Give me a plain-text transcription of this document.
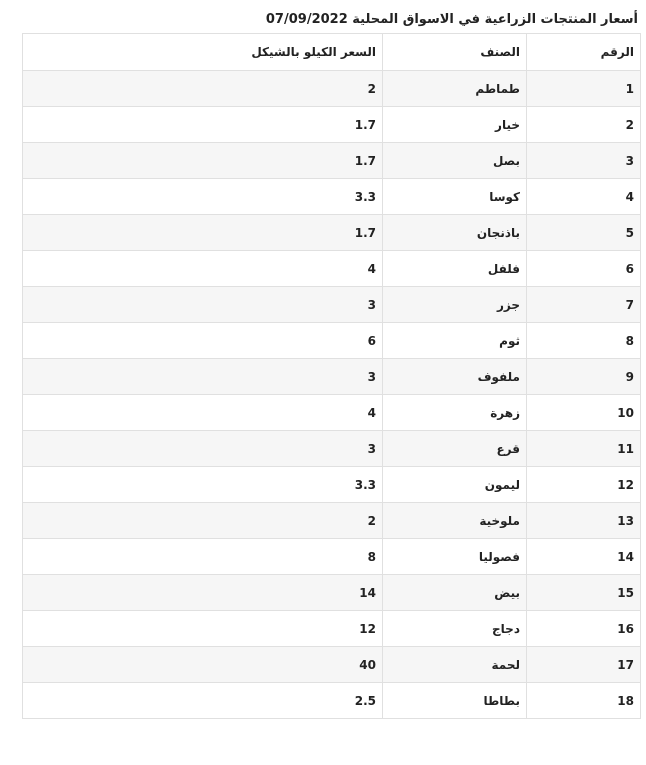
أسعار المنتجات الزراعية في الاسواق المحلية 07/09/2022
الرقم	الصنف	السعر الكيلو بالشيكل
1	طماطم	2
2	خيار	1.7
3	بصل	1.7
4	كوسا	3.3
5	باذنجان	1.7
6	فلفل	4
7	جزر	3
8	ثوم	6
9	ملفوف	3
10	زهرة	4
11	قرع	3
12	ليمون	3.3
13	ملوخية	2
14	فصوليا	8
15	بيض	14
16	دجاج	12
17	لحمة	40
18	بطاطا	2.5
